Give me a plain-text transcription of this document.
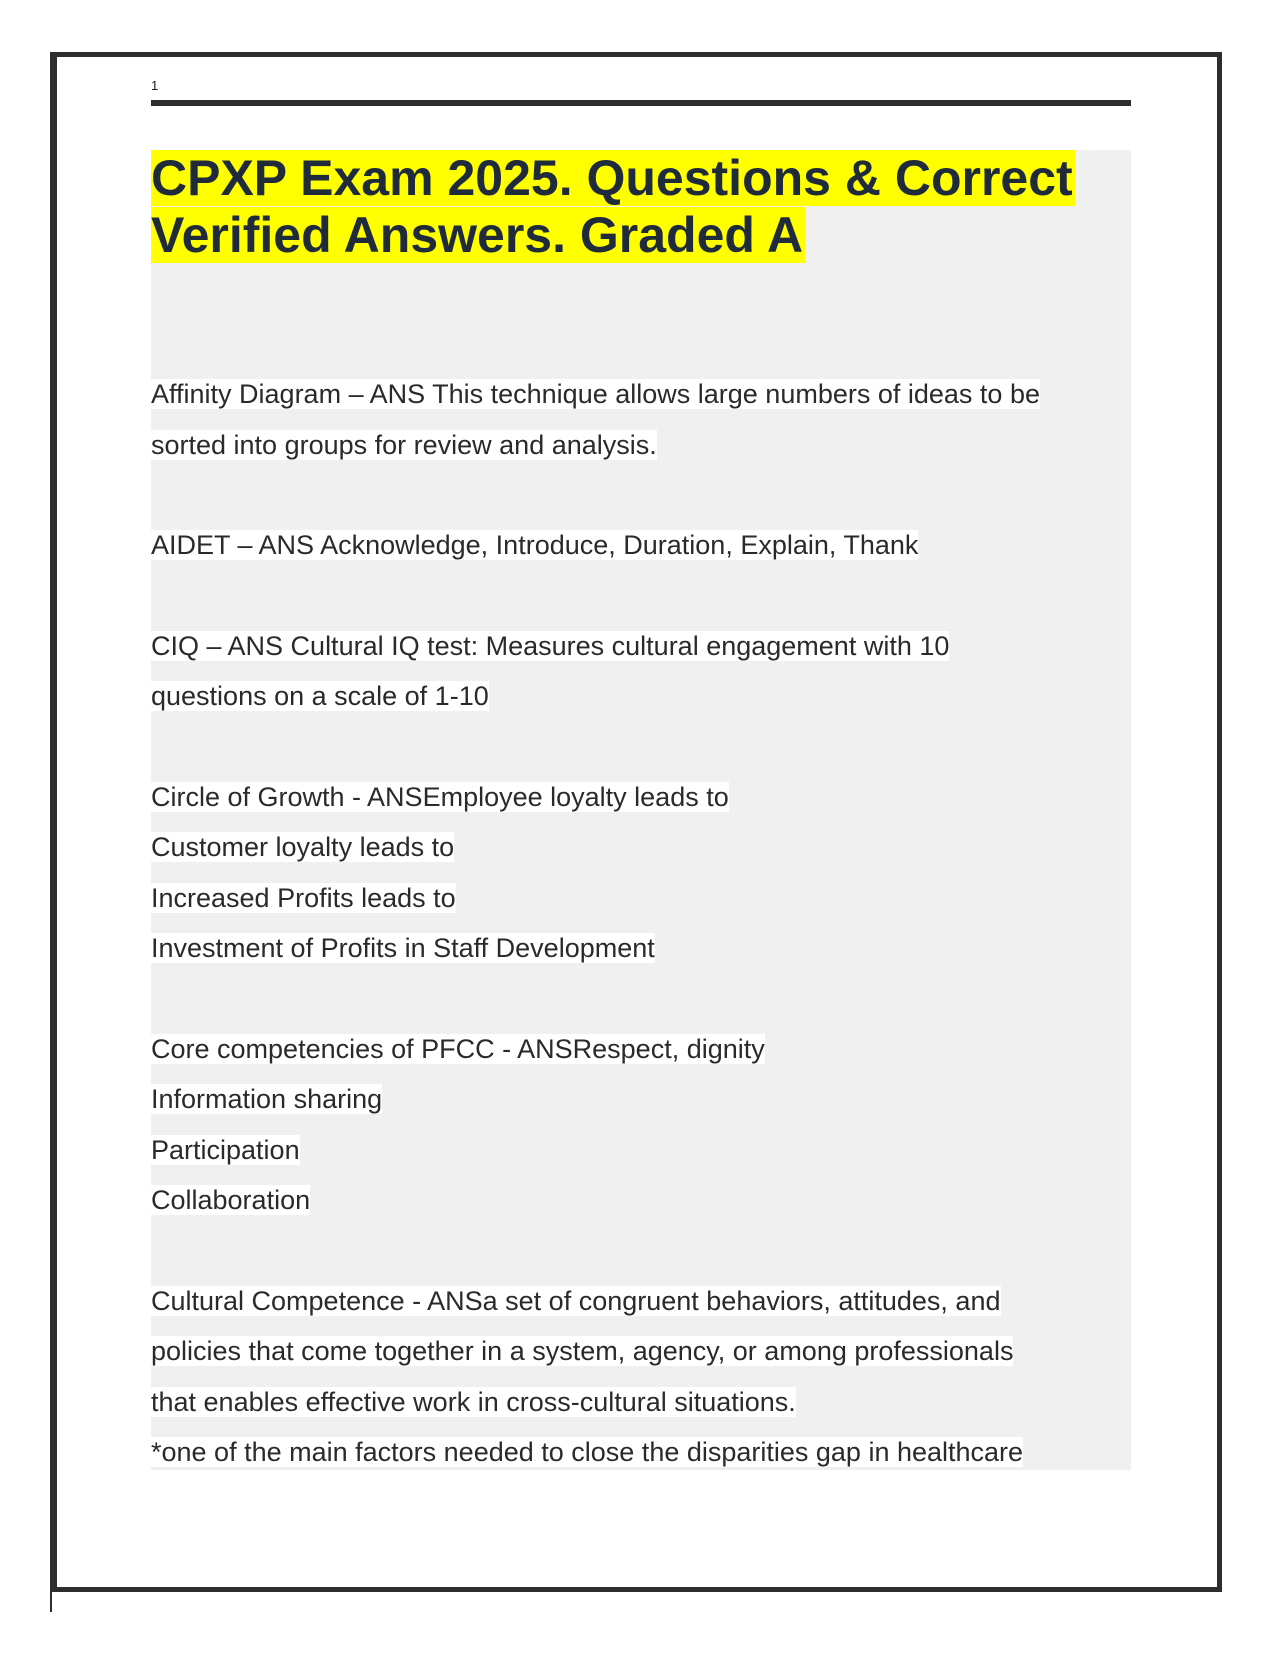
1
CPXP Exam 2025. Questions & Correct
Verified Answers. Graded A
Affinity Diagram – ANS This technique allows large numbers of ideas to be
sorted into groups for review and analysis.
AIDET – ANS Acknowledge, Introduce, Duration, Explain, Thank
CIQ – ANS Cultural IQ test: Measures cultural engagement with 10
questions on a scale of 1-10
Circle of Growth - ANSEmployee loyalty leads to
Customer loyalty leads to
Increased Profits leads to
Investment of Profits in Staff Development
Core competencies of PFCC - ANSRespect, dignity
Information sharing
Participation
Collaboration
Cultural Competence - ANSa set of congruent behaviors, attitudes, and
policies that come together in a system, agency, or among professionals
that enables effective work in cross-cultural situations.
*one of the main factors needed to close the disparities gap in healthcare
